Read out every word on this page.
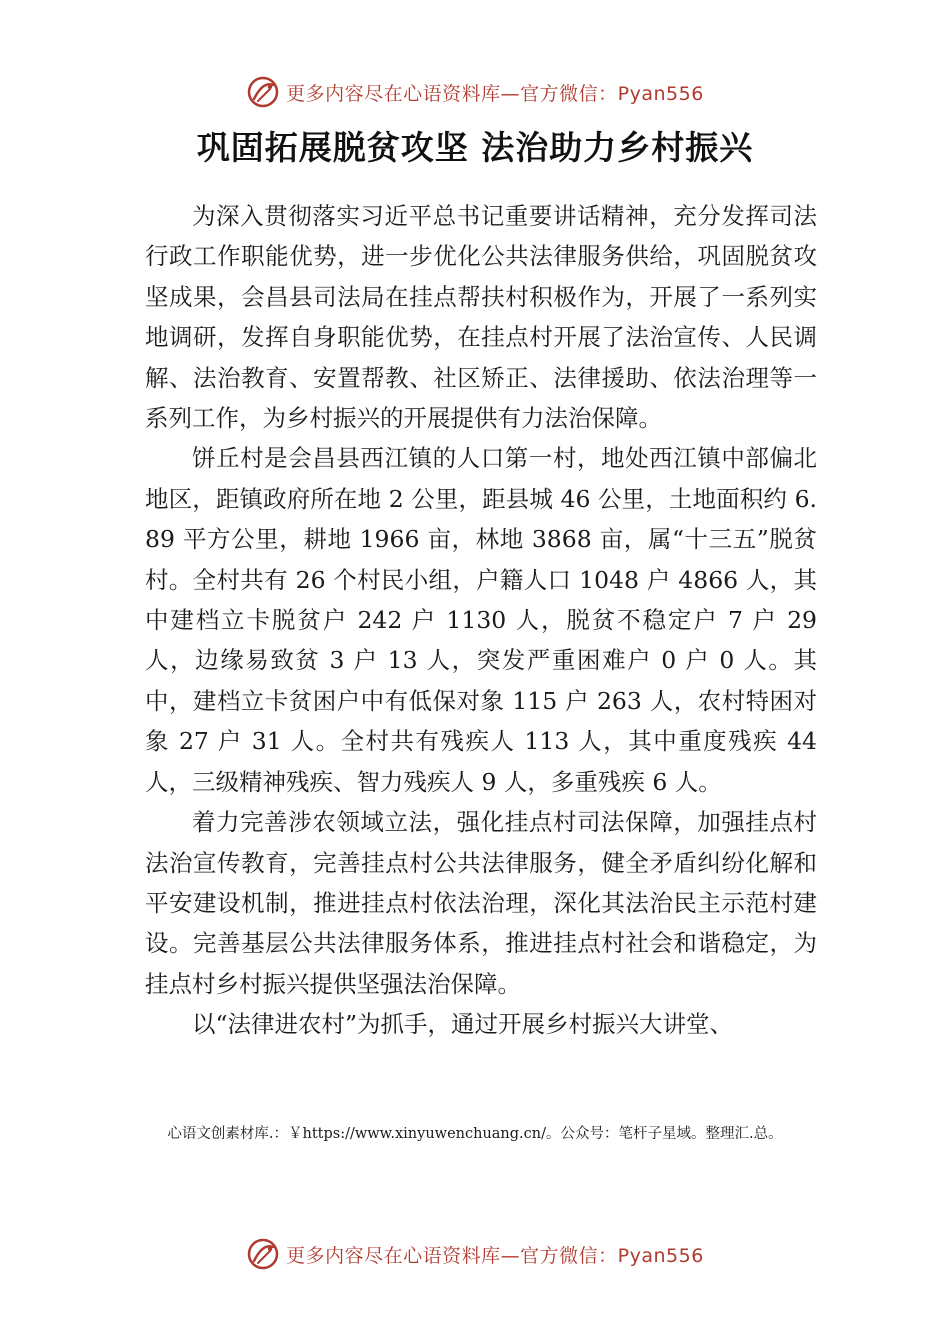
更多内容尽在心语资料库—官方微信：Pyan556
巩固拓展脱贫攻坚 法治助力乡村振兴

为深入贯彻落实习近平总书记重要讲话精神，充分发挥司法行政工作职能优势，进一步优化公共法律服务供给，巩固脱贫攻坚成果，会昌县司法局在挂点帮扶村积极作为，开展了一系列实地调研，发挥自身职能优势，在挂点村开展了法治宣传、人民调解、法治教育、安置帮教、社区矫正、法律援助、依法治理等一系列工作，为乡村振兴的开展提供有力法治保障。

饼丘村是会昌县西江镇的人口第一村，地处西江镇中部偏北地区，距镇政府所在地 2 公里，距县城 46 公里，土地面积约 6.89 平方公里，耕地 1966 亩，林地 3868 亩，属“十三五”脱贫村。全村共有 26 个村民小组，户籍人口 1048 户 4866 人，其中建档立卡脱贫户 242 户 1130 人，脱贫不稳定户 7 户 29 人，边缘易致贫 3 户 13 人，突发严重困难户 0 户 0 人。其中，建档立卡贫困户中有低保对象 115 户 263 人，农村特困对象 27 户 31 人。全村共有残疾人 113 人，其中重度残疾 44 人，三级精神残疾、智力残疾人 9 人，多重残疾 6 人。

着力完善涉农领域立法，强化挂点村司法保障，加强挂点村法治宣传教育，完善挂点村公共法律服务，健全矛盾纠纷化解和平安建设机制，推进挂点村依法治理，深化其法治民主示范村建设。完善基层公共法律服务体系，推进挂点村社会和谐稳定，为挂点村乡村振兴提供坚强法治保障。

以“法律进农村”为抓手，通过开展乡村振兴大讲堂、

心语文创素材库.：￥https://www.xinyuwenchuang.cn/。公众号：笔杆子星域。整理汇.总。
更多内容尽在心语资料库—官方微信：Pyan556
